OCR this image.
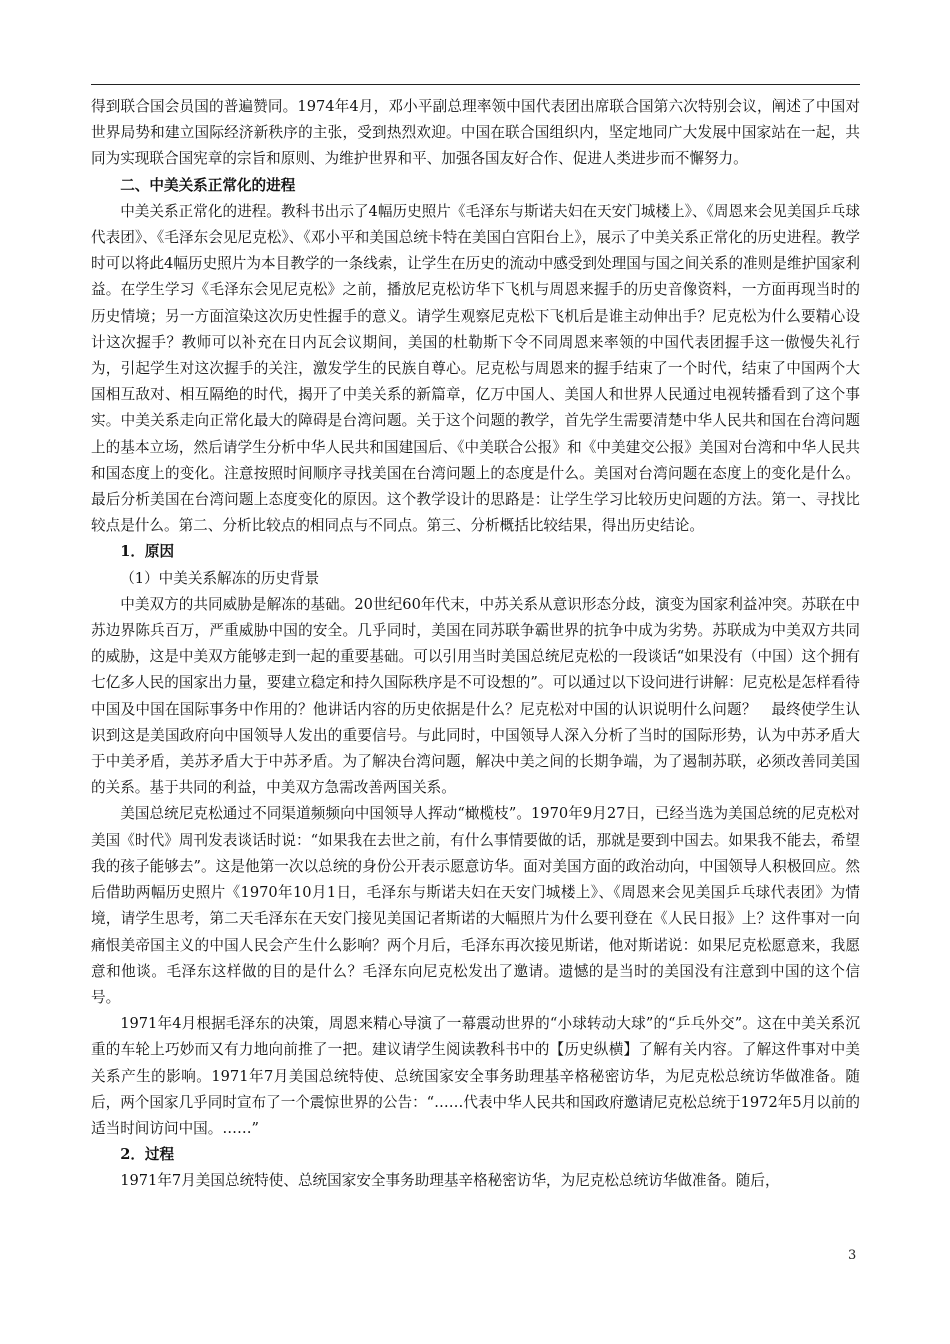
得到联合国会员国的普遍赞同。1974年4月，邓小平副总理率领中国代表团出席联合国第六次特别会议，阐述了中国对世界局势和建立国际经济新秩序的主张，受到热烈欢迎。中国在联合国组织内，坚定地同广大发展中国家站在一起，共同为实现联合国宪章的宗旨和原则、为维护世界和平、加强各国友好合作、促进人类进步而不懈努力。

二、中美关系正常化的进程

中美关系正常化的进程。教科书出示了4幅历史照片《毛泽东与斯诺夫妇在天安门城楼上》、《周恩来会见美国乒乓球代表团》、《毛泽东会见尼克松》、《邓小平和美国总统卡特在美国白宫阳台上》，展示了中美关系正常化的历史进程。教学时可以将此4幅历史照片为本目教学的一条线索，让学生在历史的流动中感受到处理国与国之间关系的准则是维护国家利益。在学生学习《毛泽东会见尼克松》之前，播放尼克松访华下飞机与周恩来握手的历史音像资料，一方面再现当时的历史情境；另一方面渲染这次历史性握手的意义。请学生观察尼克松下飞机后是谁主动伸出手？尼克松为什么要精心设计这次握手？教师可以补充在日内瓦会议期间，美国的杜勒斯下令不同周恩来率领的中国代表团握手这一傲慢失礼行为，引起学生对这次握手的关注，激发学生的民族自尊心。尼克松与周恩来的握手结束了一个时代，结束了中国两个大国相互敌对、相互隔绝的时代，揭开了中美关系的新篇章，亿万中国人、美国人和世界人民通过电视转播看到了这个事实。中美关系走向正常化最大的障碍是台湾问题。关于这个问题的教学，首先学生需要清楚中华人民共和国在台湾问题上的基本立场，然后请学生分析中华人民共和国建国后、《中美联合公报》和《中美建交公报》美国对台湾和中华人民共和国态度上的变化。注意按照时间顺序寻找美国在台湾问题上的态度是什么。美国对台湾问题在态度上的变化是什么。最后分析美国在台湾问题上态度变化的原因。这个教学设计的思路是：让学生学习比较历史问题的方法。第一、寻找比较点是什么。第二、分析比较点的相同点与不同点。第三、分析概括比较结果，得出历史结论。

1．原因

（1）中美关系解冻的历史背景

中美双方的共同威胁是解冻的基础。20世纪60年代末，中苏关系从意识形态分歧，演变为国家利益冲突。苏联在中苏边界陈兵百万，严重威胁中国的安全。几乎同时，美国在同苏联争霸世界的抗争中成为劣势。苏联成为中美双方共同的威胁，这是中美双方能够走到一起的重要基础。可以引用当时美国总统尼克松的一段谈话“如果没有（中国）这个拥有七亿多人民的国家出力量，要建立稳定和持久国际秩序是不可设想的”。可以通过以下设问进行讲解：尼克松是怎样看待中国及中国在国际事务中作用的？他讲话内容的历史依据是什么？尼克松对中国的认识说明什么问题？　最终使学生认识到这是美国政府向中国领导人发出的重要信号。与此同时，中国领导人深入分析了当时的国际形势，认为中苏矛盾大于中美矛盾，美苏矛盾大于中苏矛盾。为了解决台湾问题，解决中美之间的长期争端，为了遏制苏联，必须改善同美国的关系。基于共同的利益，中美双方急需改善两国关系。

美国总统尼克松通过不同渠道频频向中国领导人挥动“橄榄枝”。1970年9月27日，已经当选为美国总统的尼克松对美国《时代》周刊发表谈话时说：“如果我在去世之前，有什么事情要做的话，那就是要到中国去。如果我不能去，希望我的孩子能够去”。这是他第一次以总统的身份公开表示愿意访华。面对美国方面的政治动向，中国领导人积极回应。然后借助两幅历史照片《1970年10月1日，毛泽东与斯诺夫妇在天安门城楼上》、《周恩来会见美国乒乓球代表团》为情境，请学生思考，第二天毛泽东在天安门接见美国记者斯诺的大幅照片为什么要刊登在《人民日报》上？这件事对一向痛恨美帝国主义的中国人民会产生什么影响？两个月后，毛泽东再次接见斯诺，他对斯诺说：如果尼克松愿意来，我愿意和他谈。毛泽东这样做的目的是什么？毛泽东向尼克松发出了邀请。遗憾的是当时的美国没有注意到中国的这个信号。

1971年4月根据毛泽东的决策，周恩来精心导演了一幕震动世界的“小球转动大球”的“乒乓外交”。这在中美关系沉重的车轮上巧妙而又有力地向前推了一把。建议请学生阅读教科书中的【历史纵横】了解有关内容。了解这件事对中美关系产生的影响。1971年7月美国总统特使、总统国家安全事务助理基辛格秘密访华，为尼克松总统访华做准备。随后，两个国家几乎同时宣布了一个震惊世界的公告：“……代表中华人民共和国政府邀请尼克松总统于1972年5月以前的适当时间访问中国。……”

2．过程

1971年7月美国总统特使、总统国家安全事务助理基辛格秘密访华，为尼克松总统访华做准备。随后，

3
